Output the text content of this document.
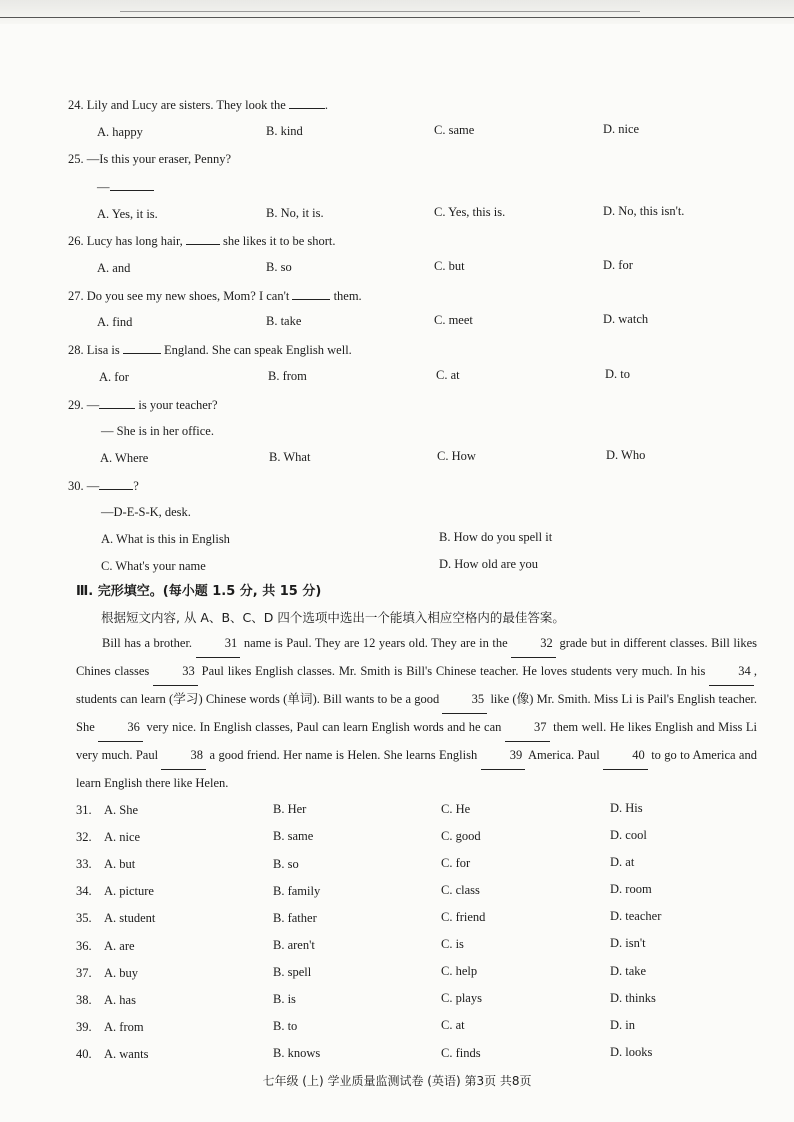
24. Lily and Lucy are sisters. They look the	.
A. happy	B. kind	C. same	D. nice
25. —Is this your eraser, Penny?
—
A. Yes, it is.	B. No, it is.	C. Yes, this is.	D. No, this isn't.
26. Lucy has long hair,	she likes it to be short.
A. and	B. so	C. but	D. for
27. Do you see my new shoes, Mom? I can't	them.
A. find	B. take	C. meet	D. watch
28. Lisa is	England. She can speak English well.
A. for	B. from	C. at	D. to
29. —	is your teacher?
— She is in her office.
A. Where	B. What	C. How	D. Who
30. —	?
—D-E-S-K, desk.
A. What is this in English	B. How do you spell it
C. What's your name	D. How old are you
Ⅲ. 完形填空。(每小题 1.5 分, 共 15 分)
根据短文内容, 从 A、B、C、D 四个选项中选出一个能填入相应空格内的最佳答案。
Bill has a brother.  31  name is Paul. They are 12 years old. They are in the  32  grade but in different classes. Bill likes Chines classes  33  Paul likes English classes. Mr. Smith is Bill's Chinese teacher. He loves students very much. In his  34 , students can learn (学习) Chinese words (单词). Bill wants to be a good  35  like (像) Mr. Smith. Miss Li is Pail's English teacher. She  36  very nice. In English classes, Paul can learn English words and he can  37  them well. He likes English and Miss Li very much. Paul  38  a good friend. Her name is Helen. She learns English  39  America. Paul  40  to go to America and learn English there like Helen.
31. A. She	B. Her	C. He	D. His
32. A. nice	B. same	C. good	D. cool
33. A. but	B. so	C. for	D. at
34. A. picture	B. family	C. class	D. room
35. A. student	B. father	C. friend	D. teacher
36. A. are	B. aren't	C. is	D. isn't
37. A. buy	B. spell	C. help	D. take
38. A. has	B. is	C. plays	D. thinks
39. A. from	B. to	C. at	D. in
40. A. wants	B. knows	C. finds	D. looks
七年级 (上) 学业质量监测试卷 (英语) 第3页 共8页
